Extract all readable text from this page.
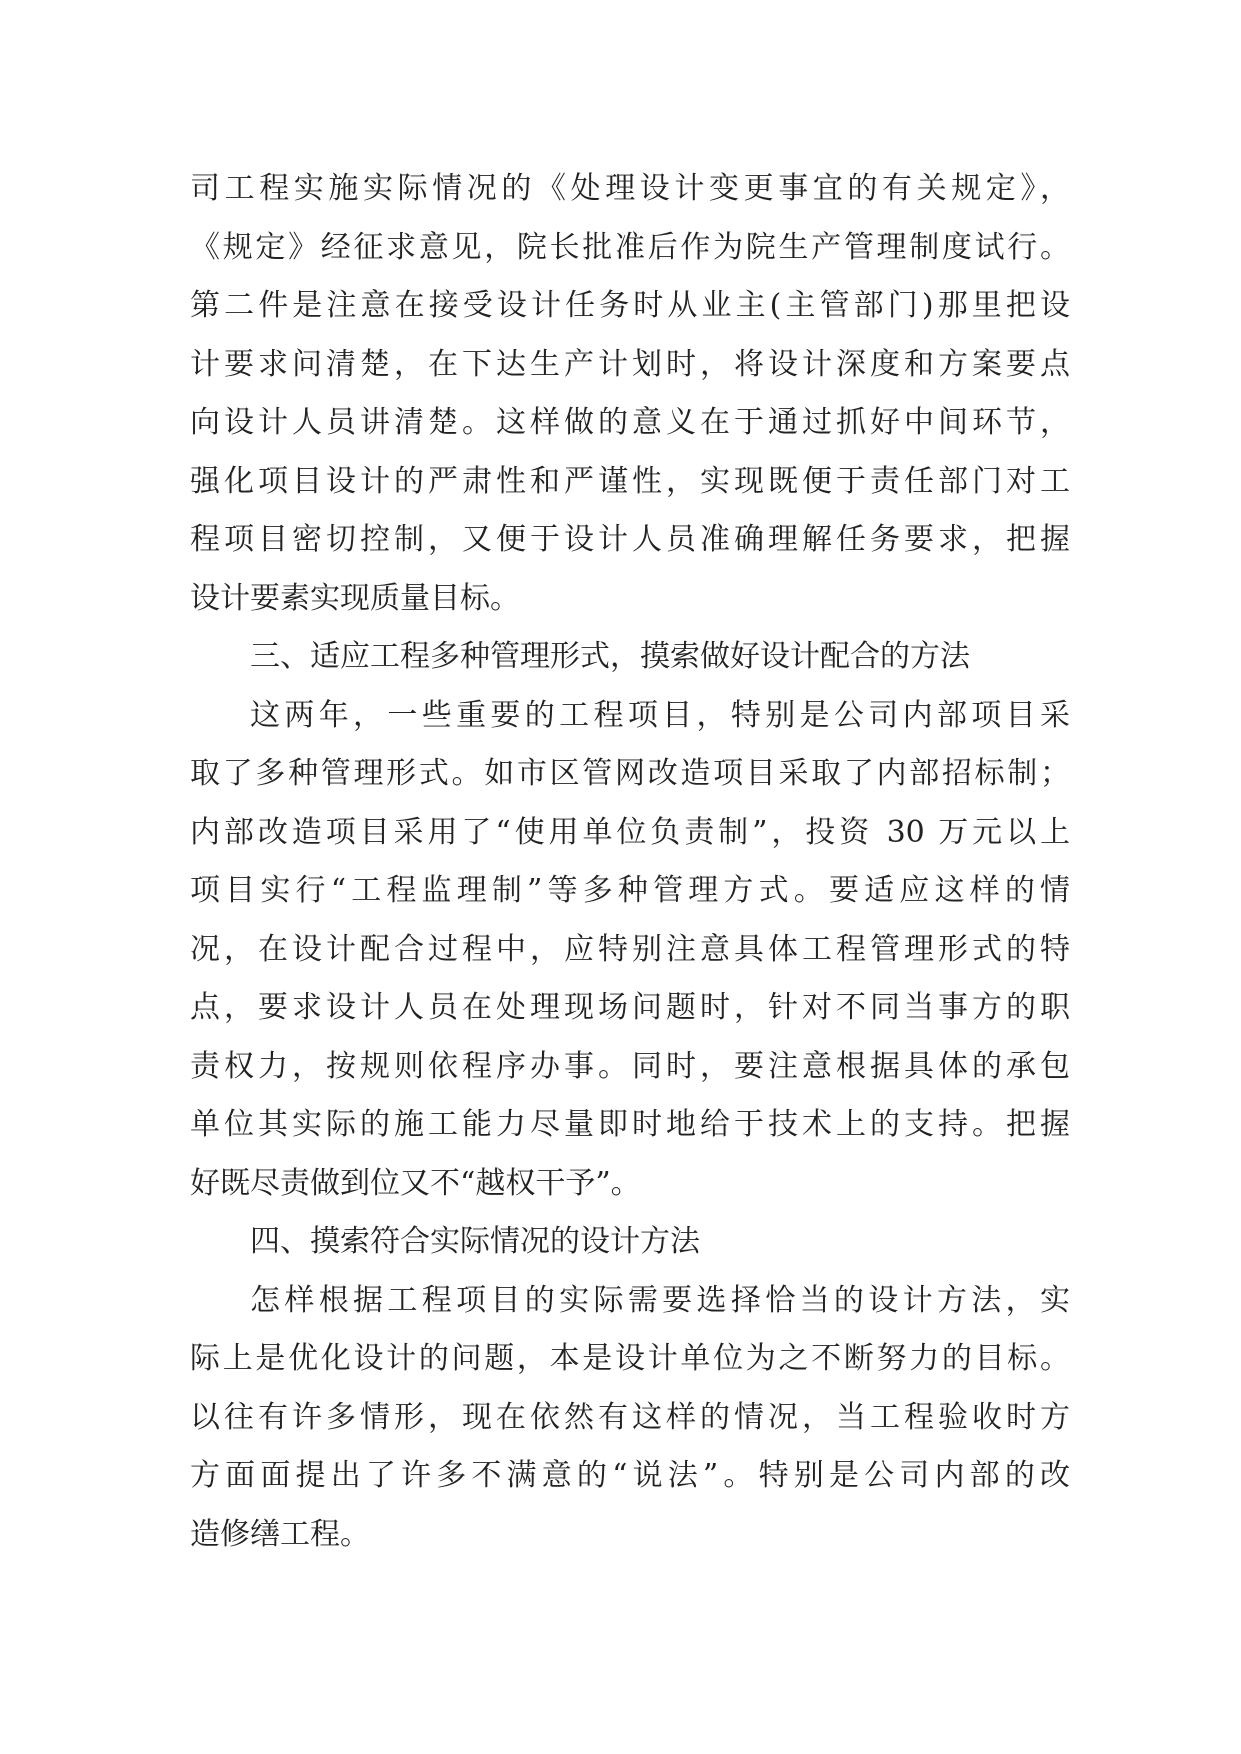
司工程实施实际情况的《处理设计变更事宜的有关规定》，
《规定》经征求意见，院长批准后作为院生产管理制度试行。
第二件是注意在接受设计任务时从业主(主管部门)那里把设
计要求问清楚，在下达生产计划时，将设计深度和方案要点
向设计人员讲清楚。这样做的意义在于通过抓好中间环节，
强化项目设计的严肃性和严谨性，实现既便于责任部门对工
程项目密切控制，又便于设计人员准确理解任务要求，把握
设计要素实现质量目标。
三、适应工程多种管理形式，摸索做好设计配合的方法
这两年，一些重要的工程项目，特别是公司内部项目采
取了多种管理形式。如市区管网改造项目采取了内部招标制；
内部改造项目采用了“使用单位负责制”，投资 30 万元以上
项目实行“工程监理制”等多种管理方式。要适应这样的情
况，在设计配合过程中，应特别注意具体工程管理形式的特
点，要求设计人员在处理现场问题时，针对不同当事方的职
责权力，按规则依程序办事。同时，要注意根据具体的承包
单位其实际的施工能力尽量即时地给于技术上的支持。把握
好既尽责做到位又不“越权干予”。
四、摸索符合实际情况的设计方法
怎样根据工程项目的实际需要选择恰当的设计方法，实
际上是优化设计的问题，本是设计单位为之不断努力的目标。
以往有许多情形，现在依然有这样的情况，当工程验收时方
方面面提出了许多不满意的“说法”。特别是公司内部的改
造修缮工程。
